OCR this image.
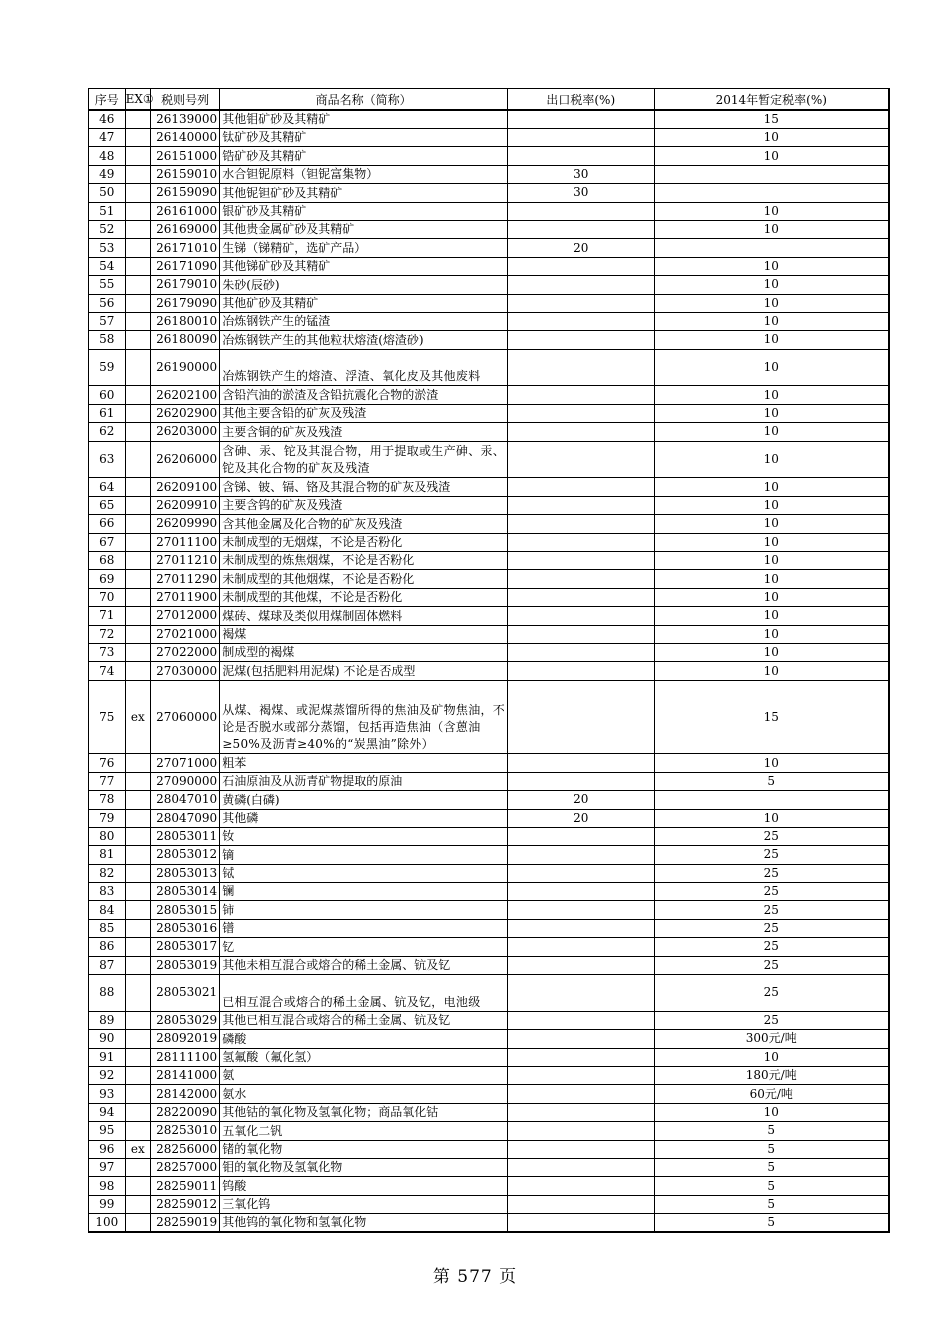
序号	EX①	税则号列	商品名称（简称）	出口税率(%)	2014年暂定税率(%)
46		26139000	其他钼矿砂及其精矿		15
47		26140000	钛矿砂及其精矿		10
48		26151000	锆矿砂及其精矿		10
49		26159010	水合钽铌原料（钽铌富集物）	30	
50		26159090	其他铌钽矿砂及其精矿	30	
51		26161000	银矿砂及其精矿		10
52		26169000	其他贵金属矿砂及其精矿		10
53		26171010	生锑（锑精矿，选矿产品）	20	
54		26171090	其他锑矿砂及其精矿		10
55		26179010	朱砂(辰砂)		10
56		26179090	其他矿砂及其精矿		10
57		26180010	冶炼钢铁产生的锰渣		10
58		26180090	冶炼钢铁产生的其他粒状熔渣(熔渣砂)		10
59		26190000	冶炼钢铁产生的熔渣、浮渣、氧化皮及其他废料		10
60		26202100	含铅汽油的淤渣及含铅抗震化合物的淤渣		10
61		26202900	其他主要含铅的矿灰及残渣		10
62		26203000	主要含铜的矿灰及残渣		10
63		26206000	含砷、汞、铊及其混合物，用于提取或生产砷、汞、铊及其化合物的矿灰及残渣		10
64		26209100	含锑、铍、镉、铬及其混合物的矿灰及残渣		10
65		26209910	主要含钨的矿灰及残渣		10
66		26209990	含其他金属及化合物的矿灰及残渣		10
67		27011100	未制成型的无烟煤，不论是否粉化		10
68		27011210	未制成型的炼焦烟煤，不论是否粉化		10
69		27011290	未制成型的其他烟煤，不论是否粉化		10
70		27011900	未制成型的其他煤，不论是否粉化		10
71		27012000	煤砖、煤球及类似用煤制固体燃料		10
72		27021000	褐煤		10
73		27022000	制成型的褐煤		10
74		27030000	泥煤(包括肥料用泥煤) 不论是否成型		10
75	ex	27060000	从煤、褐煤、或泥煤蒸馏所得的焦油及矿物焦油，不论是否脱水或部分蒸馏，包括再造焦油（含蒽油≥50%及沥青≥40%的“炭黑油”除外）		15
76		27071000	粗苯		10
77		27090000	石油原油及从沥青矿物提取的原油		5
78		28047010	黄磷(白磷)	20	
79		28047090	其他磷	20	10
80		28053011	钕		25
81		28053012	镝		25
82		28053013	铽		25
83		28053014	镧		25
84		28053015	铈		25
85		28053016	镨		25
86		28053017	钇		25
87		28053019	其他未相互混合或熔合的稀土金属、钪及钇		25
88		28053021	已相互混合或熔合的稀土金属、钪及钇，电池级		25
89		28053029	其他已相互混合或熔合的稀土金属、钪及钇		25
90		28092019	磷酸		300元/吨
91		28111100	氢氟酸（氟化氢）		10
92		28141000	氨		180元/吨
93		28142000	氨水		60元/吨
94		28220090	其他钴的氧化物及氢氧化物；商品氧化钴		10
95		28253010	五氧化二钒		5
96	ex	28256000	锗的氧化物		5
97		28257000	钼的氧化物及氢氧化物		5
98		28259011	钨酸		5
99		28259012	三氧化钨		5
100		28259019	其他钨的氧化物和氢氧化物		5
第 577 页
